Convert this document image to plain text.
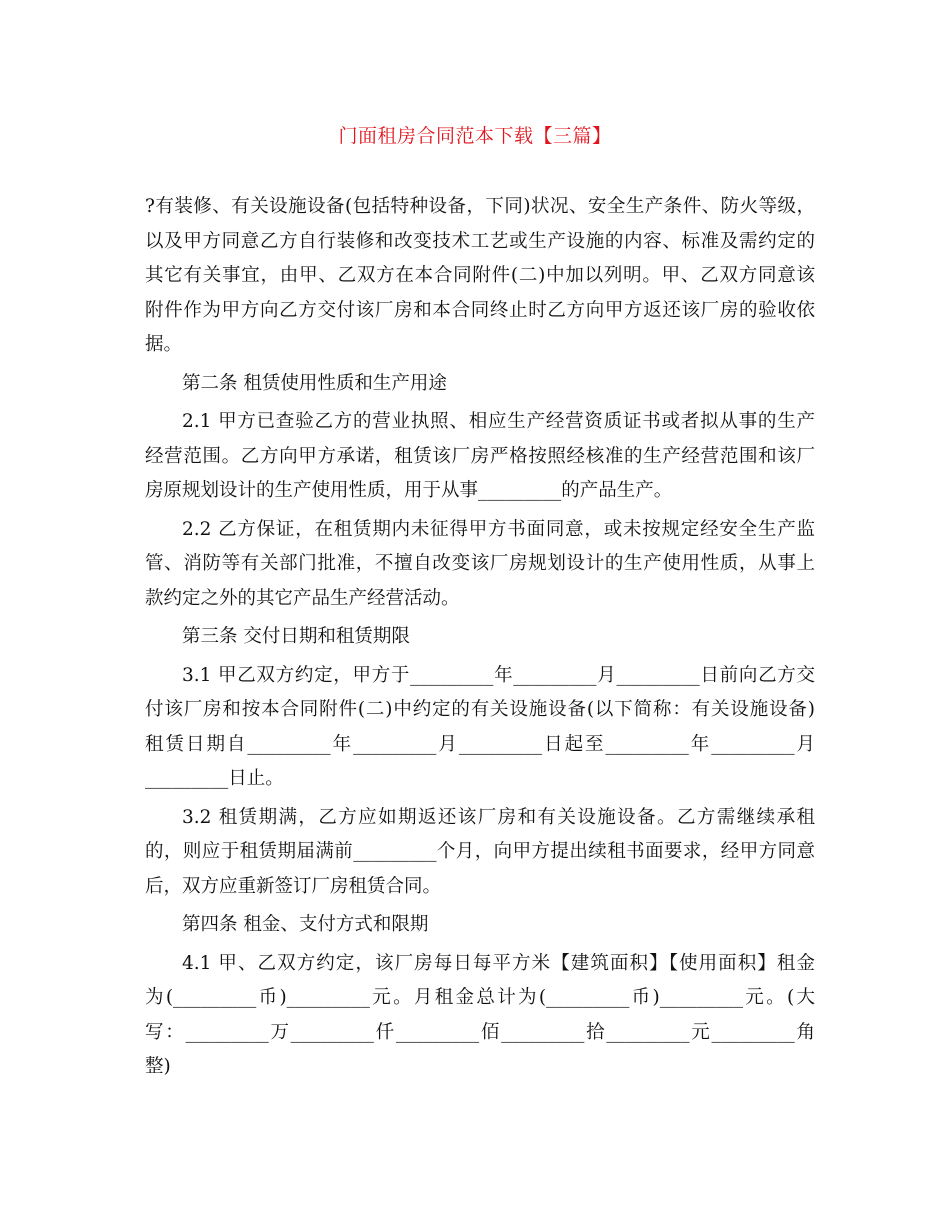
门面租房合同范本下载【三篇】
?有装修、有关设施设备(包括特种设备，下同)状况、安全生产条件、防火等级，
以及甲方同意乙方自行装修和改变技术工艺或生产设施的内容、标准及需约定的
其它有关事宜，由甲、乙双方在本合同附件(二)中加以列明。甲、乙双方同意该
附件作为甲方向乙方交付该厂房和本合同终止时乙方向甲方返还该厂房的验收依
据。
第二条 租赁使用性质和生产用途
2.1 甲方已查验乙方的营业执照、相应生产经营资质证书或者拟从事的生产
经营范围。乙方向甲方承诺，租赁该厂房严格按照经核准的生产经营范围和该厂
房原规划设计的生产使用性质，用于从事_________的产品生产。
2.2 乙方保证，在租赁期内未征得甲方书面同意，或未按规定经安全生产监
管、消防等有关部门批准，不擅自改变该厂房规划设计的生产使用性质，从事上
款约定之外的其它产品生产经营活动。
第三条 交付日期和租赁期限
3.1 甲乙双方约定，甲方于_________年_________月_________日前向乙方交
付该厂房和按本合同附件(二)中约定的有关设施设备(以下简称：有关设施设备)
租赁日期自_________年_________月_________日起至_________年_________月
_________日止。
3.2 租赁期满，乙方应如期返还该厂房和有关设施设备。乙方需继续承租
的，则应于租赁期届满前_________个月，向甲方提出续租书面要求，经甲方同意
后，双方应重新签订厂房租赁合同。
第四条 租金、支付方式和限期
4.1 甲、乙双方约定，该厂房每日每平方米【建筑面积】【使用面积】租金
为(_________币)_________元。月租金总计为(_________币)_________元。(大
写：_________万_________仟_________佰_________拾_________元_________角
整)
